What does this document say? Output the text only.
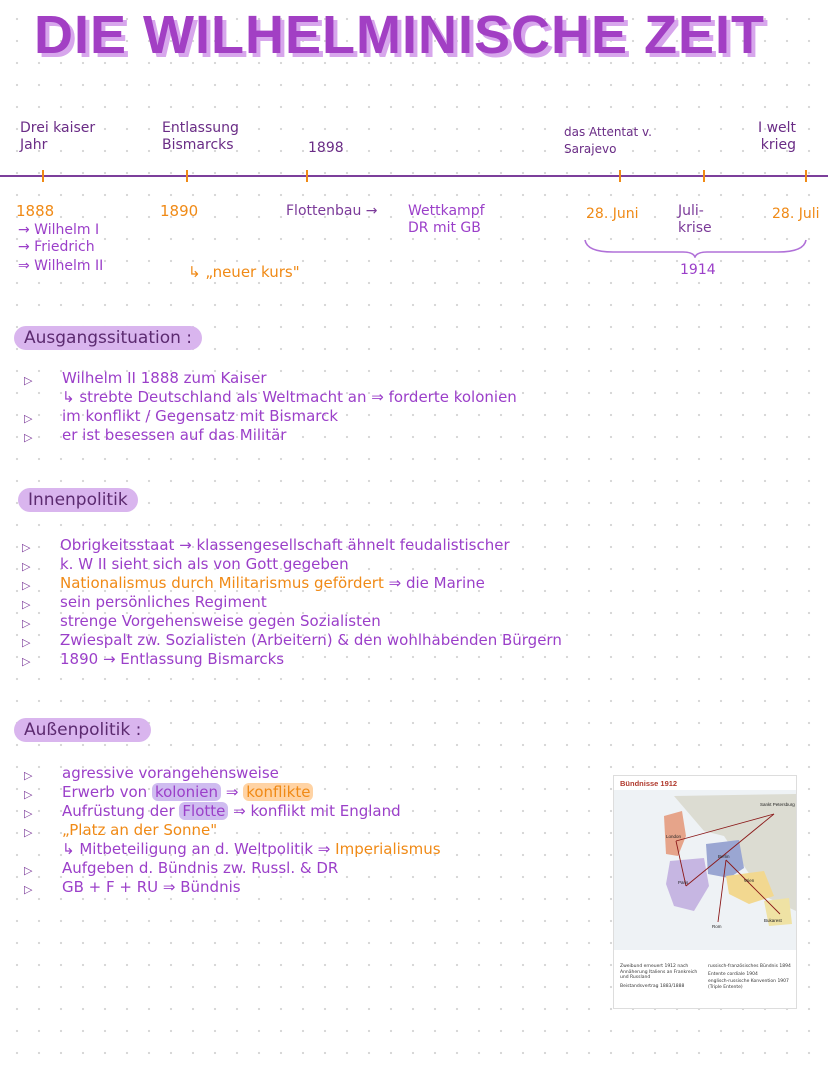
DIE WILHELMINISCHE ZEIT
Drei kaiser
Jahr
Entlassung
Bismarcks	1898
das Attentat v.
Sarajevo
I welt
krieg
1888
→ Wilhelm I
→ Friedrich
⇒ Wilhelm II
1890
↳ „neuer kurs"
Flottenbau → Wettkampf
DR mit GB
28. Juni	Juli-
krise
28. Juli
1914
Ausgangssituation :
▷ Wilhelm II 1888 zum Kaiser
↳ strebte Deutschland als Weltmacht an ⇒ forderte kolonien
▷ im konflikt / Gegensatz mit Bismarck
▷ er ist besessen auf das Militär
Innenpolitik
▷ Obrigkeitsstaat → klassengesellschaft ähnelt feudalistischer
▷ k. W II sieht sich als von Gott gegeben
▷ Nationalismus durch Militarismus gefördert ⇒ die Marine
▷ sein persönliches Regiment
▷ strenge Vorgehensweise gegen Sozialisten
▷ Zwiespalt zw. Sozialisten (Arbeitern) & den wohlhabenden Bürgern
▷ 1890 → Entlassung Bismarcks
Außenpolitik :
▷ agressive vorangehensweise
▷ Erwerb von kolonien ⇒ konflikte
▷ Aufrüstung der Flotte ⇒ konflikt mit England
▷ „Platz an der Sonne"
↳ Mitbeteiligung an d. Weltpolitik ⇒ Imperialismus
▷ Aufgeben d. Bündnis zw. Russl. & DR
▷ GB + F + RU ⇒ Bündnis
Bündnisse 1912
London
Paris
Berlin
Wien
Rom
Sankt Petersburg
Bukarest
Zweibund erneuert 1912 nach Annäherung Italiens an Frankreich und Russland
Beistandsvertrag 1883/1888
russisch-französisches Bündnis 1894
Entente cordiale 1904
englisch-russische Konvention 1907 (Triple Entente)
